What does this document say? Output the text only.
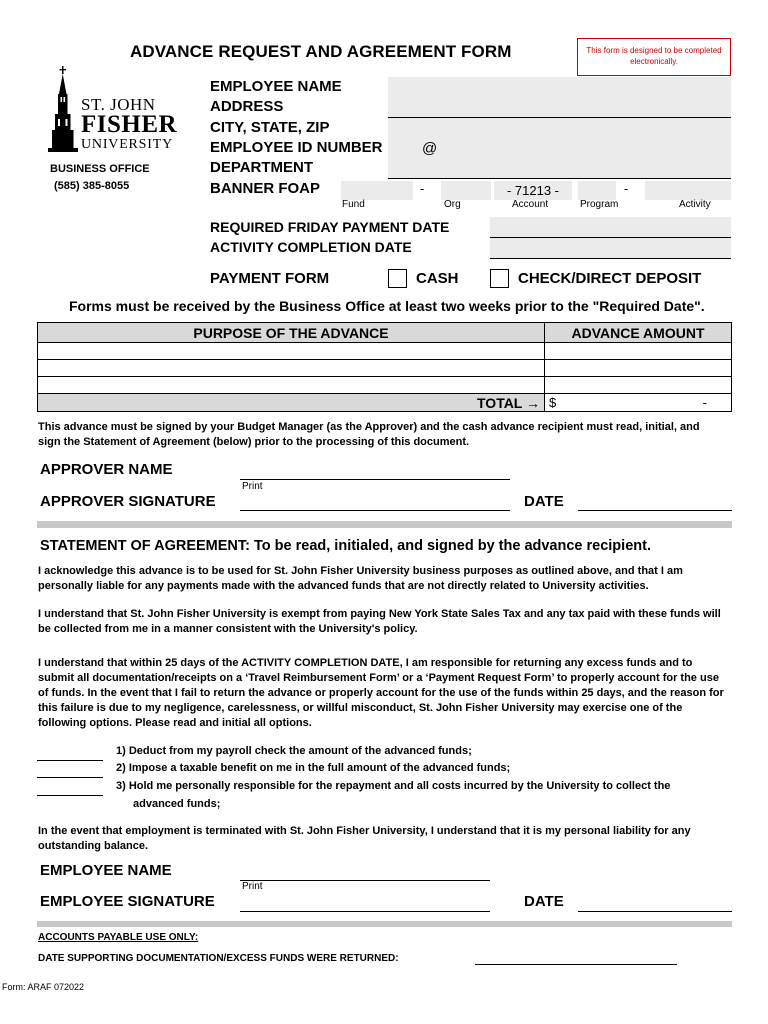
ADVANCE REQUEST AND AGREEMENT FORM	This form is designed to be completed electronically.
ST. JOHN
FISHER
UNIVERSITY
BUSINESS OFFICE
(585) 385-8055
EMPLOYEE NAME
ADDRESS
CITY, STATE, ZIP
EMPLOYEE ID NUMBER	@
DEPARTMENT
BANNER FOAP	-	- 71213 -	-
Fund	Org	Account	Program	Activity
REQUIRED FRIDAY PAYMENT DATE
ACTIVITY COMPLETION DATE
PAYMENT FORM	CASH	CHECK/DIRECT DEPOSIT
Forms must be received by the Business Office at least two weeks prior to the "Required Date".
PURPOSE OF THE ADVANCE	ADVANCE AMOUNT

TOTAL →	$ -
This advance must be signed by your Budget Manager (as the Approver) and the cash advance recipient must read, initial, and sign the Statement of Agreement (below) prior to the processing of this document.
APPROVER NAME
Print
APPROVER SIGNATURE	DATE
STATEMENT OF AGREEMENT: To be read, initialed, and signed by the advance recipient.
I acknowledge this advance is to be used for St. John Fisher University business purposes as outlined above, and that I am personally liable for any payments made with the advanced funds that are not directly related to University activities.
I understand that St. John Fisher University is exempt from paying New York State Sales Tax and any tax paid with these funds will be collected from me in a manner consistent with the University's policy.
I understand that within 25 days of the ACTIVITY COMPLETION DATE, I am responsible for returning any excess funds and to submit all documentation/receipts on a ‘Travel Reimbursement Form’ or a ‘Payment Request Form’ to properly account for the use of funds. In the event that I fail to return the advance or properly account for the use of the funds within 25 days, and the reason for this failure is due to my negligence, carelessness, or willful misconduct, St. John Fisher University may exercise one of the following options. Please read and initial all options.
1) Deduct from my payroll check the amount of the advanced funds;
2) Impose a taxable benefit on me in the full amount of the advanced funds;
3) Hold me personally responsible for the repayment and all costs incurred by the University to collect the
advanced funds;
In the event that employment is terminated with St. John Fisher University, I understand that it is my personal liability for any outstanding balance.
EMPLOYEE NAME
Print
EMPLOYEE SIGNATURE	DATE
ACCOUNTS PAYABLE USE ONLY:
DATE SUPPORTING DOCUMENTATION/EXCESS FUNDS WERE RETURNED:
Form: ARAF 072022
